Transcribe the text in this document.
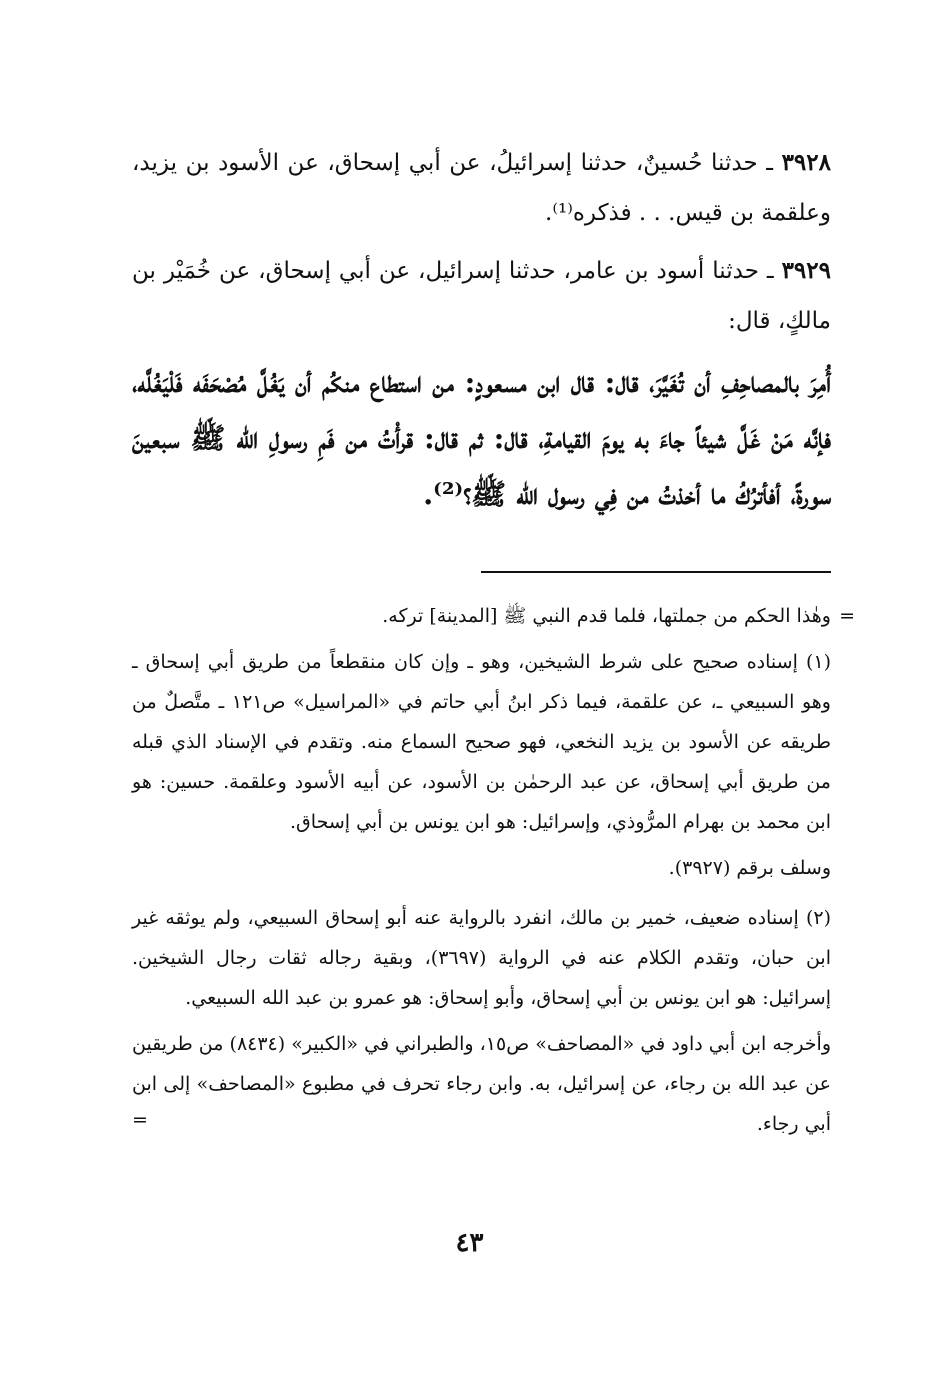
٣٩٢٨ ـ حدثنا حُسينٌ، حدثنا إسرائيلُ، عن أبي إسحاق، عن الأسود بن يزيد، وعلقمة بن قيس. . . فذكره⁽¹⁾.

٣٩٢٩ ـ حدثنا أسود بن عامر، حدثنا إسرائيل، عن أبي إسحاق، عن خُمَيْر بن مالكٍ، قال:

أُمِرَ بالمصاحِفِ أن تُغَيَّرَ، قال: قال ابن مسعودٍ: من استطاع منكُم أن يَغُلَّ مُصْحَفَه فَلْيَغُلَّه، فإنَّه مَنْ غَلَّ شيئاً جاءَ به يومَ القيامةِ، قال: ثم قال: قرأْتُ من فَمِ رسولِ الله ﷺ سبعينَ سورةً، أفأترُكُ ما أخذتُ من فِي رسول الله ﷺ؟⁽²⁾.

وهٰذا الحكم من جملتها، فلما قدم النبي ﷺ [المدينة] تركه. =

(١) إسناده صحيح على شرط الشيخين، وهو ـ وإن كان منقطعاً من طريق أبي إسحاق ـ وهو السبيعي ـ، عن علقمة، فيما ذكر ابنُ أبي حاتم في «المراسيل» ص١٢١ ـ متَّصلٌ من طريقه عن الأسود بن يزيد النخعي، فهو صحيح السماع منه. وتقدم في الإسناد الذي قبله من طريق أبي إسحاق، عن عبد الرحمٰن بن الأسود، عن أبيه الأسود وعلقمة. حسين: هو ابن محمد بن بهرام المرُّوذي، وإسرائيل: هو ابن يونس بن أبي إسحاق.

وسلف برقم (٣٩٢٧).

(٢) إسناده ضعيف، خمير بن مالك، انفرد بالرواية عنه أبو إسحاق السبيعي، ولم يوثقه غير ابن حبان، وتقدم الكلام عنه في الرواية (٣٦٩٧)، وبقية رجاله ثقات رجال الشيخين. إسرائيل: هو ابن يونس بن أبي إسحاق، وأبو إسحاق: هو عمرو بن عبد الله السبيعي.

وأخرجه ابن أبي داود في «المصاحف» ص١٥، والطبراني في «الكبير» (٨٤٣٤) من طريقين عن عبد الله بن رجاء، عن إسرائيل، به. وابن رجاء تحرف في مطبوع «المصاحف» إلى ابن أبي رجاء.
=

٤٣
